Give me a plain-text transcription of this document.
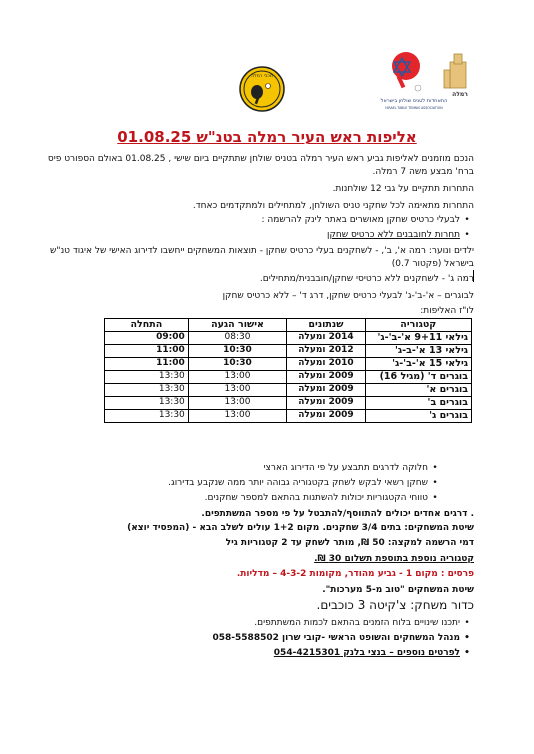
מכבי רמלה
רמלה
התאחדות לטניס שולחן בישראל
ISRAEL TABLE TENNIS ASSOCIATION
אליפות ראש העיר רמלה בטנ"ש 01.08.25
הנכם מוזמנים לאליפות גביע ראש העיר רמלה בטניס שולחן שתתקיים ביום שישי , 01.08.25 באולם הספורט פיס
ברח' מבצע משה 7 רמלה.
התחרות תתקיים על גבי 12 שולחנות.
התחרות מתאימה לכל שחקני טניס השולחן, למתחילים ולמתקדמים כאחד.
• לבעלי כרטיס שחקן מאושרים באתר לינק להרשמה :
• תחרות לחובבנים ללא כרטיס שחקן
ילדים ונוער: רמה א', ב', - לשחקנים בעלי כרטיס שחקן - תוצאות המשחקים ייחשבו לדירוג האישי של איגוד טנ"ש
בישראל (פקטור 0.7)
רמה ג' - לשחקנים ללא כרטיסי שחקן/חובבנית/מתחילים.
לבוגרים – א'-ב'-ג' לבעלי כרטיס שחקן, דרג ד' – ללא כרטיס שחקן
לו"ז האליפות:
קטגוריה	שנתונים	אישור הגעה	התחלה
גילאי 9+11 א'-ב'-ג'	2014 ומעלה	08:30	09:00
גילאי 13 א'-ב-ג'	2012 ומעלה	10:30	11:00
גילאי 15 א'-ב'-ג'	2010 ומעלה	10:30	11:00
בוגרים ד' (מגיל 16)	2009 ומעלה	13:00	13:30
בוגרים א'	2009 ומעלה	13:00	13:30
בוגרים ב'	2009 ומעלה	13:00	13:30
בוגרים ג'	2009 ומעלה	13:00	13:30
• חלוקה לדרגים תתבצע על פי הדירוג הארצי
• שחקן רשאי לבקש לשחק בקטגוריה גבוהה יותר ממה שנקבע בדירוג.
• טווחי הקטגוריות יכולות להשתנות בהתאם למספר שחקנים.
. דרגים אחדים יכולים להתווסף/להתבטל על פי מספר המשתתפים.
שיטת המשחקים: בתים 3/4 שחקנים. מקום 1+2 עולים לשלב הבא - (המפסיד יוצא)
דמי הרשמה למקצה: 50 ₪, מותר לשחק עד 2 קטגוריות גיל
קטגוריה נוספת בתוספת תשלום 30 ₪.
פרסים : מקום 1 - גביע מהודר, מקומות 4-3-2 – מדליות.
שיטת המשחקים "טוב מ-5 מערכות".
כדור משחק: צ'קיטה 3 כוכבים.
• יתכנו שינויים בלוח הזמנים בהתאם לכמות המשתתפים.
• מנהל המשחקים והשופט הראשי -קובי שרון 058-5588502
• לפרטים נוספים – בנצי בלנק 054-4215301
